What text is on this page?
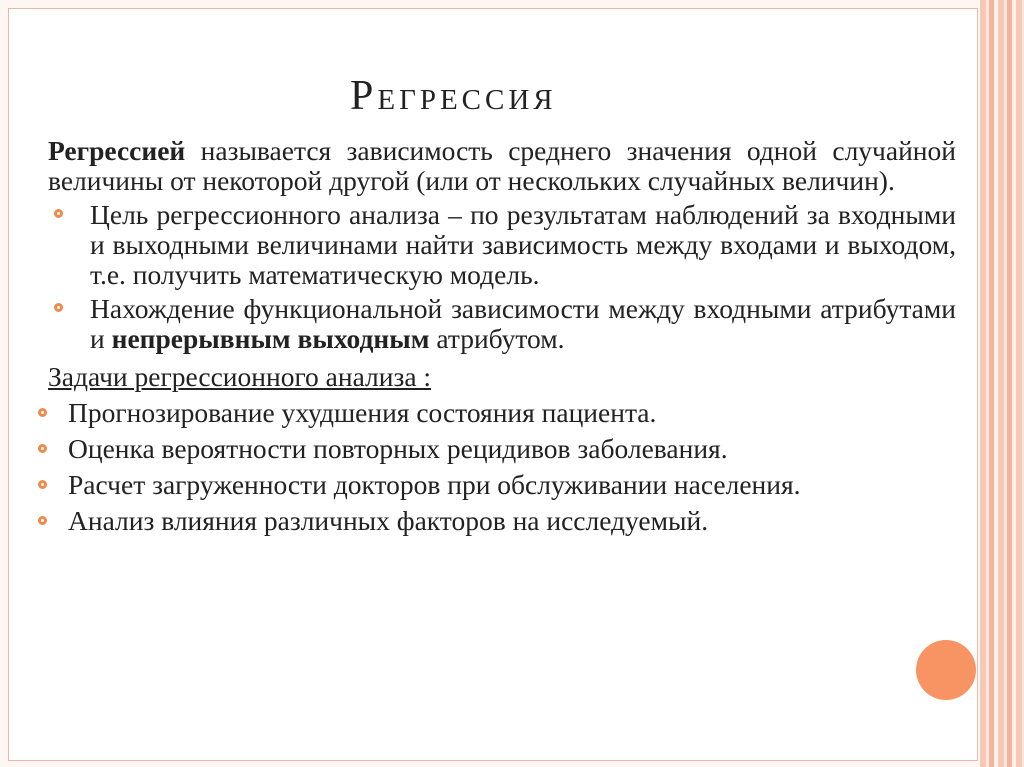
Регрессия

Регрессией называется зависимость среднего значения одной случайной величины от некоторой другой (или от нескольких случайных величин).

Цель регрессионного анализа – по результатам наблюдений за входными и выходными величинами найти зависимость между входами и выходом, т.е. получить математическую модель.
Нахождение функциональной зависимости между входными атрибутами и непрерывным выходным атрибутом.
Задачи регрессионного анализа :
Прогнозирование ухудшения состояния пациента.
Оценка вероятности повторных рецидивов заболевания.
Расчет загруженности докторов при обслуживании населения.
Анализ влияния различных факторов на исследуемый.
